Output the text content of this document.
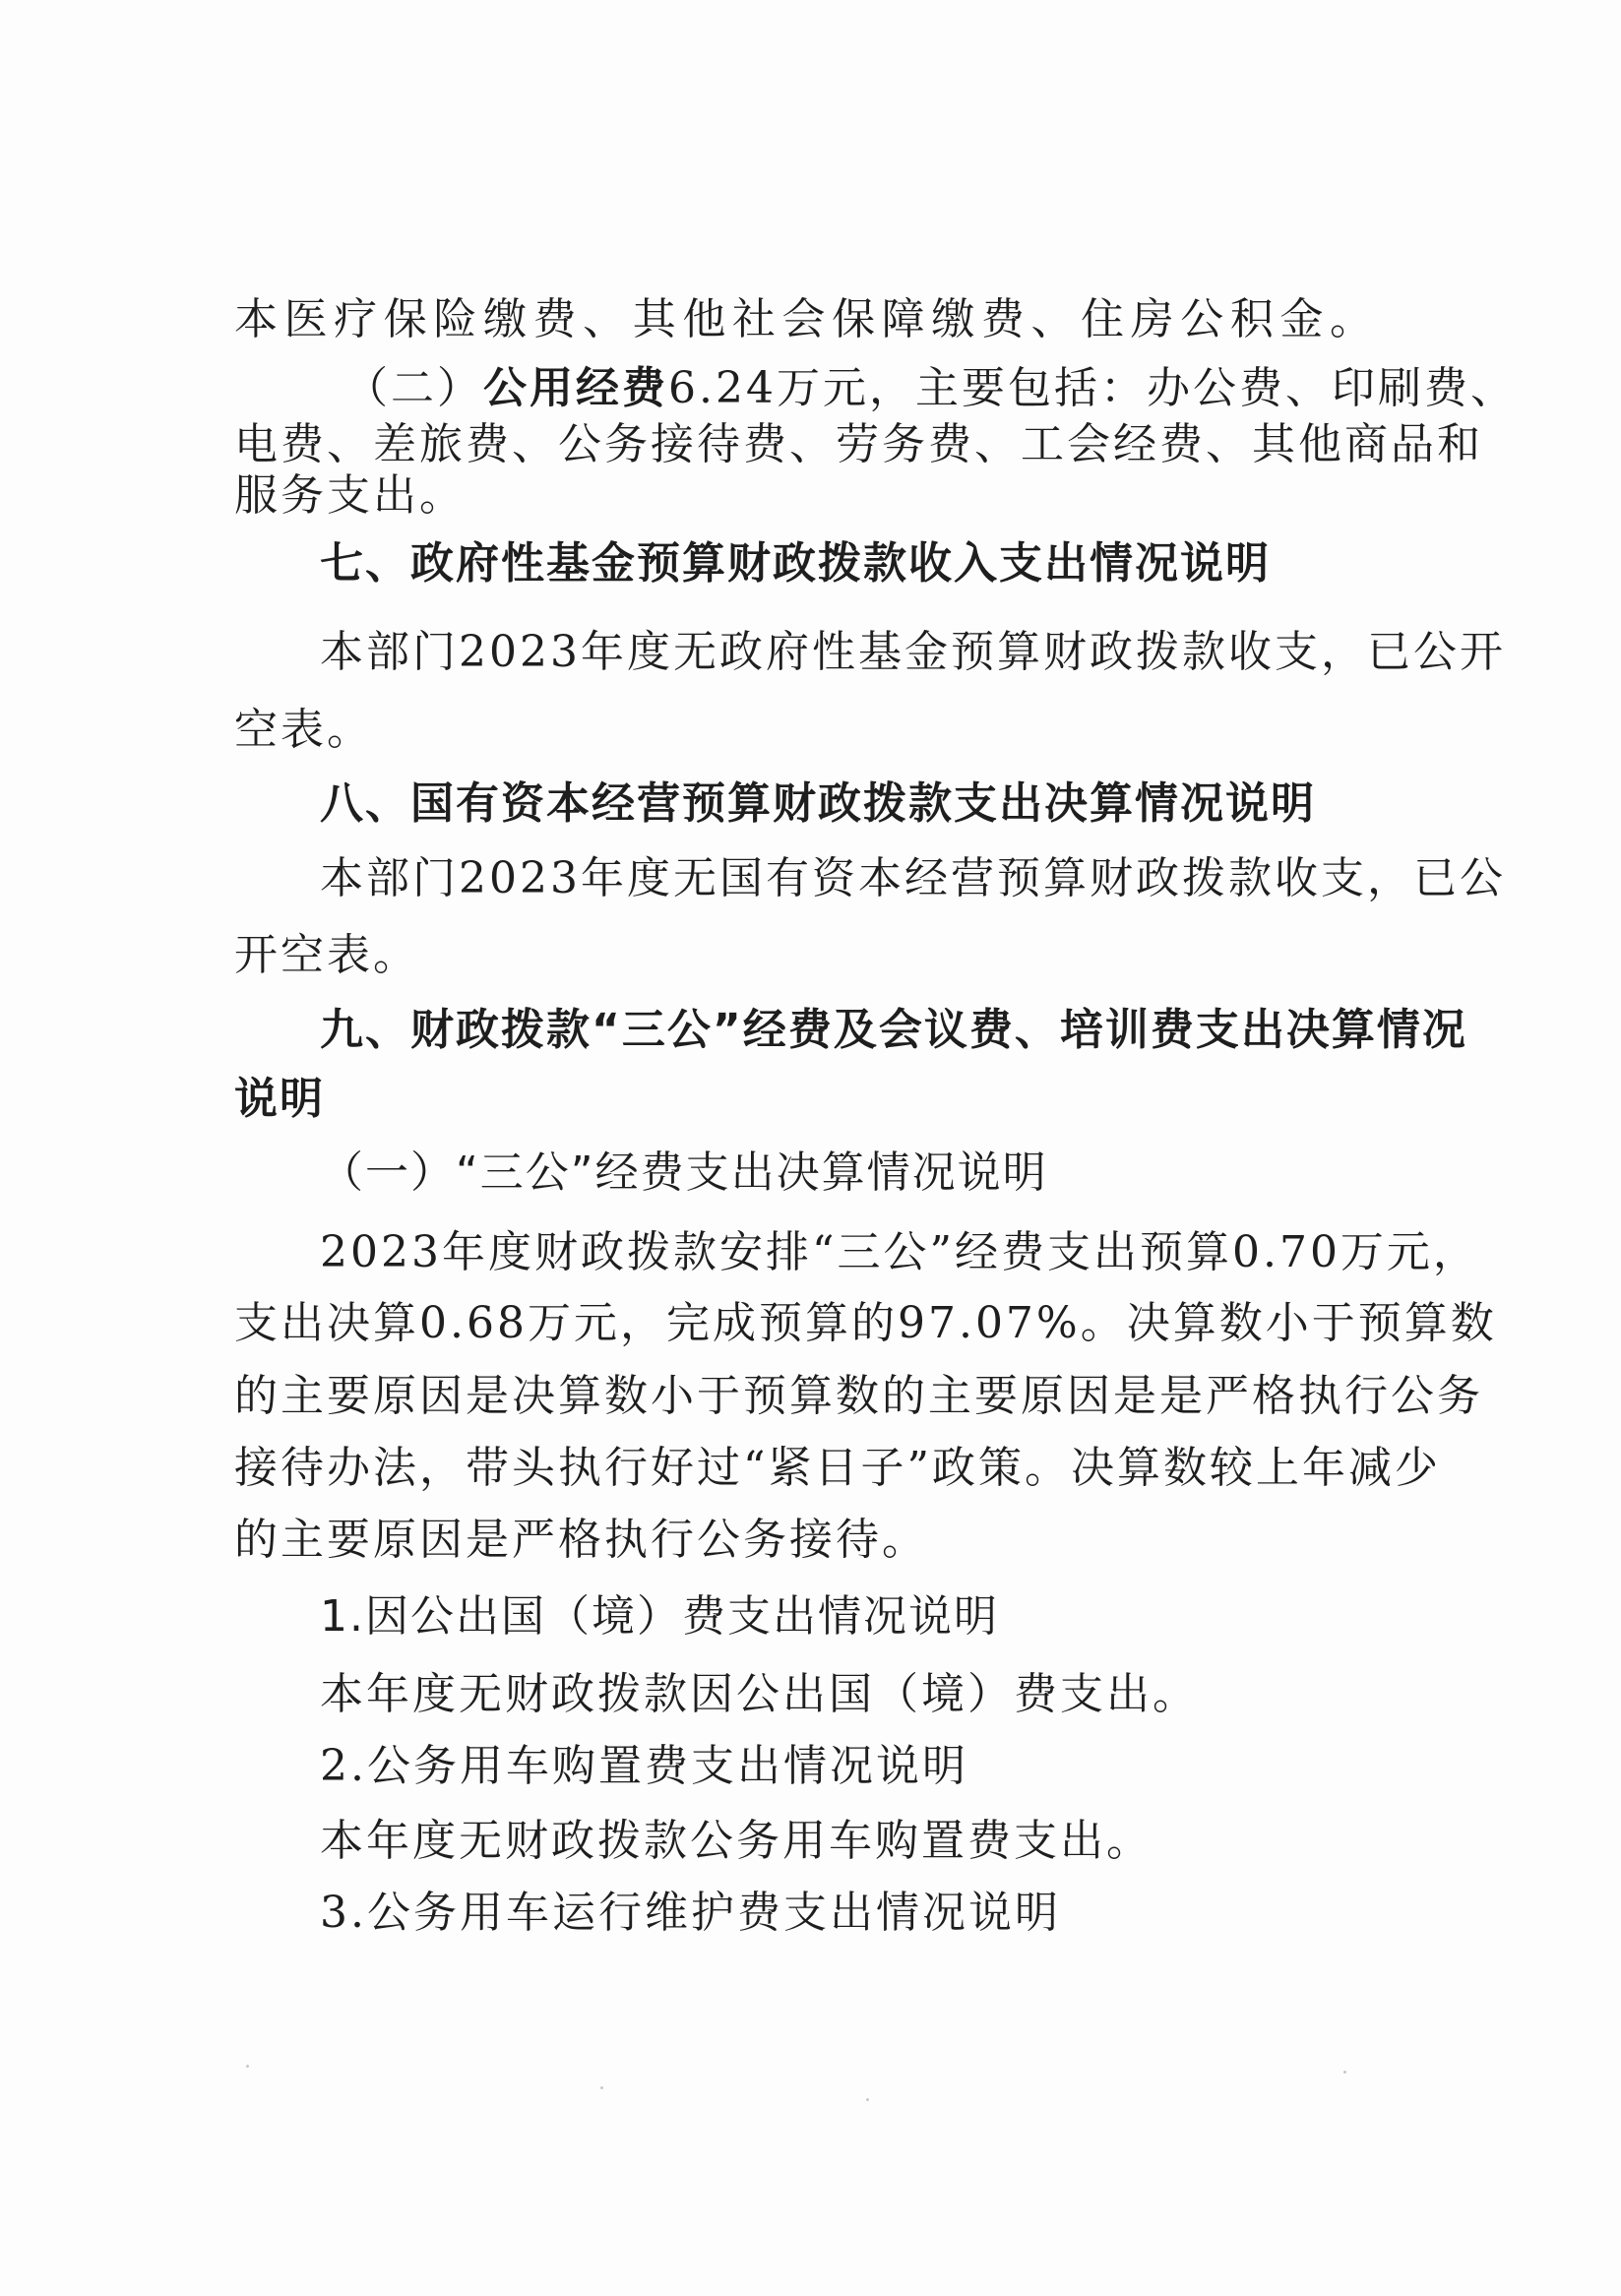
本医疗保险缴费、其他社会保障缴费、住房公积金。
（二）公用经费6.24万元，主要包括：办公费、印刷费、
电费、差旅费、公务接待费、劳务费、工会经费、其他商品和
服务支出。
七、政府性基金预算财政拨款收入支出情况说明
本部门2023年度无政府性基金预算财政拨款收支，已公开
空表。
八、国有资本经营预算财政拨款支出决算情况说明
本部门2023年度无国有资本经营预算财政拨款收支，已公
开空表。
九、财政拨款“三公”经费及会议费、培训费支出决算情况
说明
（一）“三公”经费支出决算情况说明
2023年度财政拨款安排“三公”经费支出预算0.70万元，
支出决算0.68万元，完成预算的97.07%。决算数小于预算数
的主要原因是决算数小于预算数的主要原因是是严格执行公务
接待办法，带头执行好过“紧日子”政策。决算数较上年减少
的主要原因是严格执行公务接待。
1.因公出国（境）费支出情况说明
本年度无财政拨款因公出国（境）费支出。
2.公务用车购置费支出情况说明
本年度无财政拨款公务用车购置费支出。
3.公务用车运行维护费支出情况说明
